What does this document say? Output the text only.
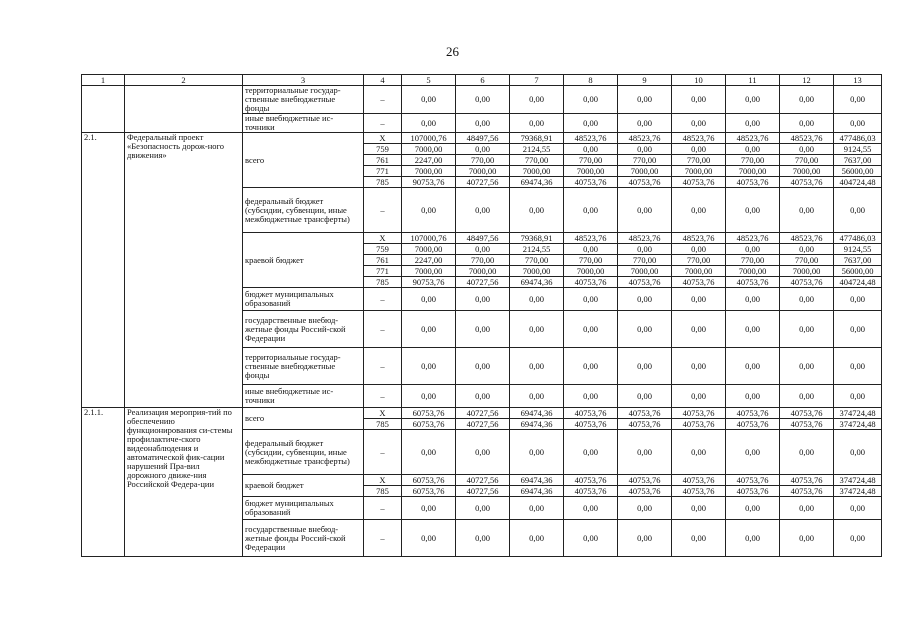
26
1	2	3	4	5	6	7	8	9	10	11	12	13
		территориальные государ-ственные внебюджетные фонды	–	0,00	0,00	0,00	0,00	0,00	0,00	0,00	0,00	0,00
		иные внебюджетные ис-точники	–	0,00	0,00	0,00	0,00	0,00	0,00	0,00	0,00	0,00
2.1.	Федеральный проект «Безопасность дорож-ного движения»	всего	Х	107000,76	48497,56	79368,91	48523,76	48523,76	48523,76	48523,76	48523,76	477486,03
			759	7000,00	0,00	2124,55	0,00	0,00	0,00	0,00	0,00	9124,55
			761	2247,00	770,00	770,00	770,00	770,00	770,00	770,00	770,00	7637,00
			771	7000,00	7000,00	7000,00	7000,00	7000,00	7000,00	7000,00	7000,00	56000,00
			785	90753,76	40727,56	69474,36	40753,76	40753,76	40753,76	40753,76	40753,76	404724,48
		федеральный бюджет (субсидии, субвенции, иные межбюджетные трансферты)	–	0,00	0,00	0,00	0,00	0,00	0,00	0,00	0,00	0,00
		краевой бюджет	Х	107000,76	48497,56	79368,91	48523,76	48523,76	48523,76	48523,76	48523,76	477486,03
			759	7000,00	0,00	2124,55	0,00	0,00	0,00	0,00	0,00	9124,55
			761	2247,00	770,00	770,00	770,00	770,00	770,00	770,00	770,00	7637,00
			771	7000,00	7000,00	7000,00	7000,00	7000,00	7000,00	7000,00	7000,00	56000,00
			785	90753,76	40727,56	69474,36	40753,76	40753,76	40753,76	40753,76	40753,76	404724,48
		бюджет муниципальных образований	–	0,00	0,00	0,00	0,00	0,00	0,00	0,00	0,00	0,00
		государственные внебюд-жетные фонды Россий-ской Федерации	–	0,00	0,00	0,00	0,00	0,00	0,00	0,00	0,00	0,00
		территориальные государ-ственные внебюджетные фонды	–	0,00	0,00	0,00	0,00	0,00	0,00	0,00	0,00	0,00
		иные внебюджетные ис-точники	–	0,00	0,00	0,00	0,00	0,00	0,00	0,00	0,00	0,00
2.1.1.	Реализация мероприя-тий по обеспечению функционирования си-стемы профилактиче-ского видеонаблюдения и автоматической фик-сации нарушений Пра-вил дорожного движе-ния Российской Федера-ции	всего	Х	60753,76	40727,56	69474,36	40753,76	40753,76	40753,76	40753,76	40753,76	374724,48
			785	60753,76	40727,56	69474,36	40753,76	40753,76	40753,76	40753,76	40753,76	374724,48
		федеральный бюджет (субсидии, субвенции, иные межбюджетные трансферты)	–	0,00	0,00	0,00	0,00	0,00	0,00	0,00	0,00	0,00
		краевой бюджет	Х	60753,76	40727,56	69474,36	40753,76	40753,76	40753,76	40753,76	40753,76	374724,48
			785	60753,76	40727,56	69474,36	40753,76	40753,76	40753,76	40753,76	40753,76	374724,48
		бюджет муниципальных образований	–	0,00	0,00	0,00	0,00	0,00	0,00	0,00	0,00	0,00
		государственные внебюд-жетные фонды Россий-ской Федерации	–	0,00	0,00	0,00	0,00	0,00	0,00	0,00	0,00	0,00
